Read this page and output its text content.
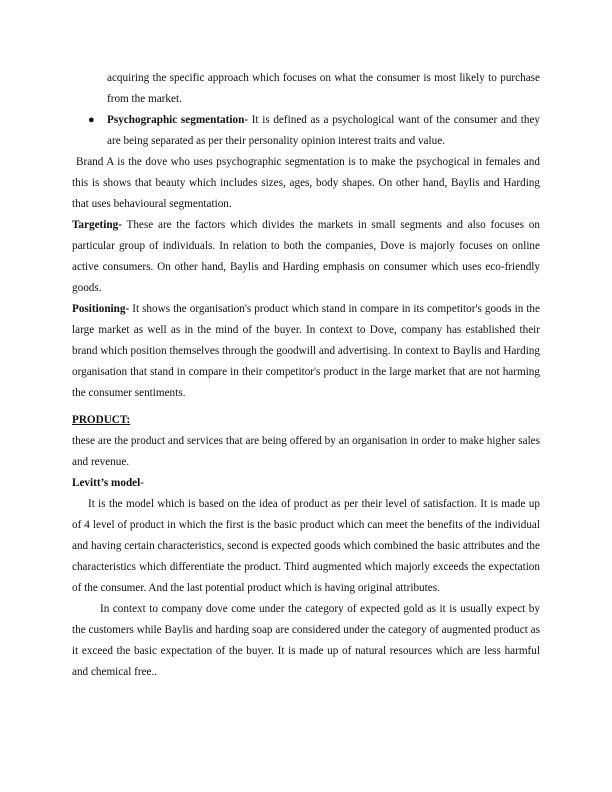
acquiring the specific approach which focuses on what the consumer is most likely to purchase from the market.

● Psychographic segmentation- It is defined as a psychological want of the consumer and they are being separated as per their personality opinion interest traits and value.

Brand A is the dove who uses psychographic segmentation is to make the psychogical in females and this is shows that beauty which includes sizes, ages, body shapes. On other hand, Baylis and Harding that uses behavioural segmentation.

Targeting- These are the factors which divides the markets in small segments and also focuses on particular group of individuals. In relation to both the companies, Dove is majorly focuses on online active consumers. On other hand, Baylis and Harding emphasis on consumer which uses eco-friendly goods.

Positioning- It shows the organisation's product which stand in compare in its competitor's goods in the large market as well as in the mind of the buyer. In context to Dove, company has established their brand which position themselves through the goodwill and advertising. In context to Baylis and Harding organisation that stand in compare in their competitor's product in the large market that are not harming the consumer sentiments.

PRODUCT:

these are the product and services that are being offered by an organisation in order to make higher sales and revenue.

Levitt’s model-

It is the model which is based on the idea of product as per their level of satisfaction. It is made up of 4 level of product in which the first is the basic product which can meet the benefits of the individual and having certain characteristics, second is expected goods which combined the basic attributes and the characteristics which differentiate the product. Third augmented which majorly exceeds the expectation of the consumer. And the last potential product which is having original attributes.

In context to company dove come under the category of expected gold as it is usually expect by the customers while Baylis and harding soap are considered under the category of augmented product as it exceed the basic expectation of the buyer. It is made up of natural resources which are less harmful and chemical free..
